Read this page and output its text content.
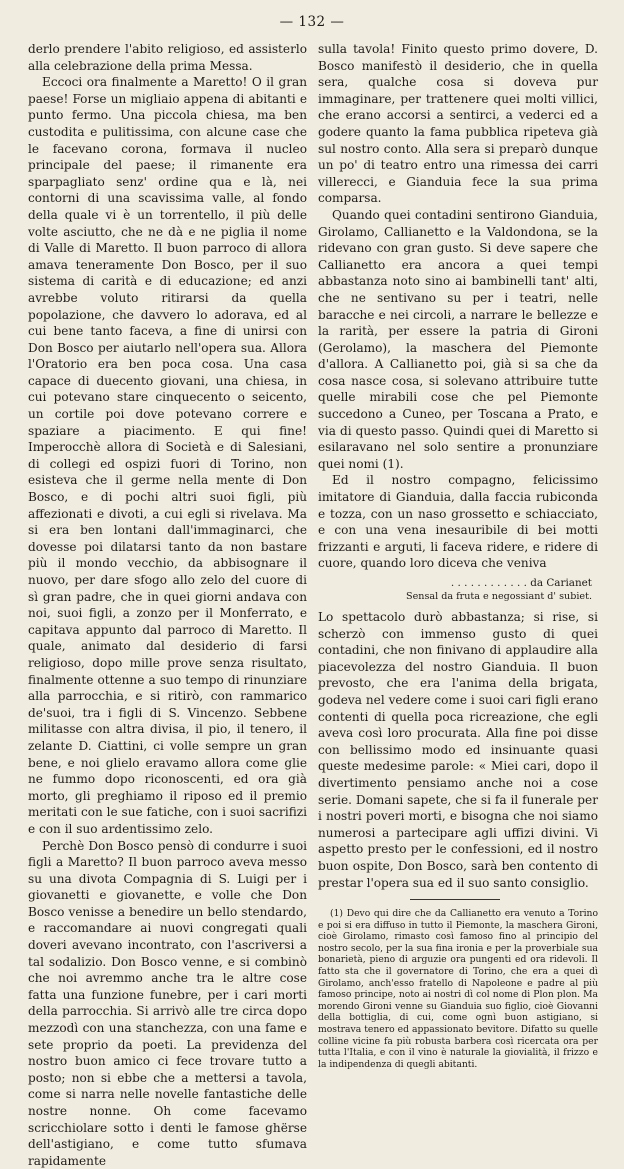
— 132 —

derlo prendere l'abito religioso, ed assisterlo alla celebrazione della prima Messa.

Eccoci ora finalmente a Maretto! O il gran paese! Forse un migliaio appena di abitanti e punto fermo. Una piccola chiesa, ma ben custodita e pulitissima, con alcune case che le facevano corona, formava il nucleo principale del paese; il rimanente era sparpagliato senz' ordine qua e là, nei contorni di una scavissima valle, al fondo della quale vi è un torrentello, il più delle volte asciutto, che ne dà e ne piglia il nome di Valle di Maretto. Il buon parroco di allora amava teneramente Don Bosco, per il suo sistema di carità e di educazione; ed anzi avrebbe voluto ritirarsi da quella popolazione, che davvero lo adorava, ed al cui bene tanto faceva, a fine di unirsi con Don Bosco per aiutarlo nell'opera sua. Allora l'Oratorio era ben poca cosa. Una casa capace di duecento giovani, una chiesa, in cui potevano stare cinquecento o seicento, un cortile poi dove potevano correre e spaziare a piacimento. E qui fine! Imperocchè allora di Società e di Salesiani, di collegi ed ospizi fuori di Torino, non esisteva che il germe nella mente di Don Bosco, e di pochi altri suoi figli, più affezionati e divoti, a cui egli si rivelava. Ma si era ben lontani dall'immaginarci, che dovesse poi dilatarsi tanto da non bastare più il mondo vecchio, da abbisognare il nuovo, per dare sfogo allo zelo del cuore di sì gran padre, che in quei giorni andava con noi, suoi figli, a zonzo per il Monferrato, e capitava appunto dal parroco di Maretto. Il quale, animato dal desiderio di farsi religioso, dopo mille prove senza risultato, finalmente ottenne a suo tempo di rinunziare alla parrocchia, e si ritirò, con rammarico de'suoi, tra i figli di S. Vincenzo. Sebbene militasse con altra divisa, il pio, il tenero, il zelante D. Ciattini, ci volle sempre un gran bene, e noi glielo eravamo allora come glie ne fummo dopo riconoscenti, ed ora già morto, gli preghiamo il riposo ed il premio meritati con le sue fatiche, con i suoi sacrifizi e con il suo ardentissimo zelo.

Perchè Don Bosco pensò di condurre i suoi figli a Maretto? Il buon parroco aveva messo su una divota Compagnia di S. Luigi per i giovanetti e giovanette, e volle che Don Bosco venisse a benedire un bello stendardo, e raccomandare ai nuovi congregati quali doveri avevano incontrato, con l'ascriversi a tal sodalizio. Don Bosco venne, e si combinò che noi avremmo anche tra le altre cose fatta una funzione funebre, per i cari morti della parrocchia. Si arrivò alle tre circa dopo mezzodì con una stanchezza, con una fame e sete proprio da poeti. La previdenza del nostro buon amico ci fece trovare tutto a posto; non si ebbe che a mettersi a tavola, come si narra nelle novelle fantastiche delle nostre nonne. Oh come facevamo scricchiolare sotto i denti le famose ghërse dell'astigiano, e come tutto sfumava rapidamente

sulla tavola! Finito questo primo dovere, D. Bosco manifestò il desiderio, che in quella sera, qualche cosa si doveva pur immaginare, per trattenere quei molti villici, che erano accorsi a sentirci, a vederci ed a godere quanto la fama pubblica ripeteva già sul nostro conto. Alla sera si preparò dunque un po' di teatro entro una rimessa dei carri villerecci, e Gianduia fece la sua prima comparsa.

Quando quei contadini sentirono Gianduia, Girolamo, Callianetto e la Valdondona, se la ridevano con gran gusto. Si deve sapere che Callianetto era ancora a quei tempi abbastanza noto sino ai bambinelli tant' alti, che ne sentivano su per i teatri, nelle baracche e nei circoli, a narrare le bellezze e la rarità, per essere la patria di Gironi (Gerolamo), la maschera del Piemonte d'allora. A Callianetto poi, già si sa che da cosa nasce cosa, si solevano attribuire tutte quelle mirabili cose che pel Piemonte succedono a Cuneo, per Toscana a Prato, e via di questo passo. Quindi quei di Maretto si esilaravano nel solo sentire a pronunziare quei nomi (1).

Ed il nostro compagno, felicissimo imitatore di Gianduia, dalla faccia rubiconda e tozza, con un naso grossetto e schiacciato, e con una vena inesauribile di bei motti frizzanti e arguti, li faceva ridere, e ridere di cuore, quando loro diceva che veniva

. . . . . . . . . . . . da Carianet
Sensal da fruta e negossiant d' subiet.

Lo spettacolo durò abbastanza; si rise, si scherzò con immenso gusto di quei contadini, che non finivano di applaudire alla piacevolezza del nostro Gianduia. Il buon prevosto, che era l'anima della brigata, godeva nel vedere come i suoi cari figli erano contenti di quella poca ricreazione, che egli aveva così loro procurata. Alla fine poi disse con bellissimo modo ed insinuante quasi queste medesime parole: « Miei cari, dopo il divertimento pensiamo anche noi a cose serie. Domani sapete, che si fa il funerale per i nostri poveri morti, e bisogna che noi siamo numerosi a partecipare agli uffizi divini. Vi aspetto presto per le confessioni, ed il nostro buon ospite, Don Bosco, sarà ben contento di prestar l'opera sua ed il suo santo consiglio.

(1) Devo qui dire che da Callianetto era venuto a Torino e poi si era diffuso in tutto il Piemonte, la maschera Gironi, cioè Girolamo, rimasto così famoso fino al principio del nostro secolo, per la sua fina ironia e per la proverbiale sua bonarietà, pieno di arguzie ora pungenti ed ora ridevoli. Il fatto sta che il governatore di Torino, che era a quei dì Girolamo, anch'esso fratello di Napoleone e padre al più famoso principe, noto ai nostri dì col nome di Plon plon. Ma morendo Gironi venne su Gianduia suo figlio, cioè Giovanni della bottiglia, di cui, come ognì buon astigiano, si mostrava tenero ed appassionato bevitore. Difatto su quelle colline vicine fa più robusta barbera così ricercata ora per tutta l'Italia, e con il vino è naturale la giovialità, il frizzo e la indipendenza di quegli abitanti.
